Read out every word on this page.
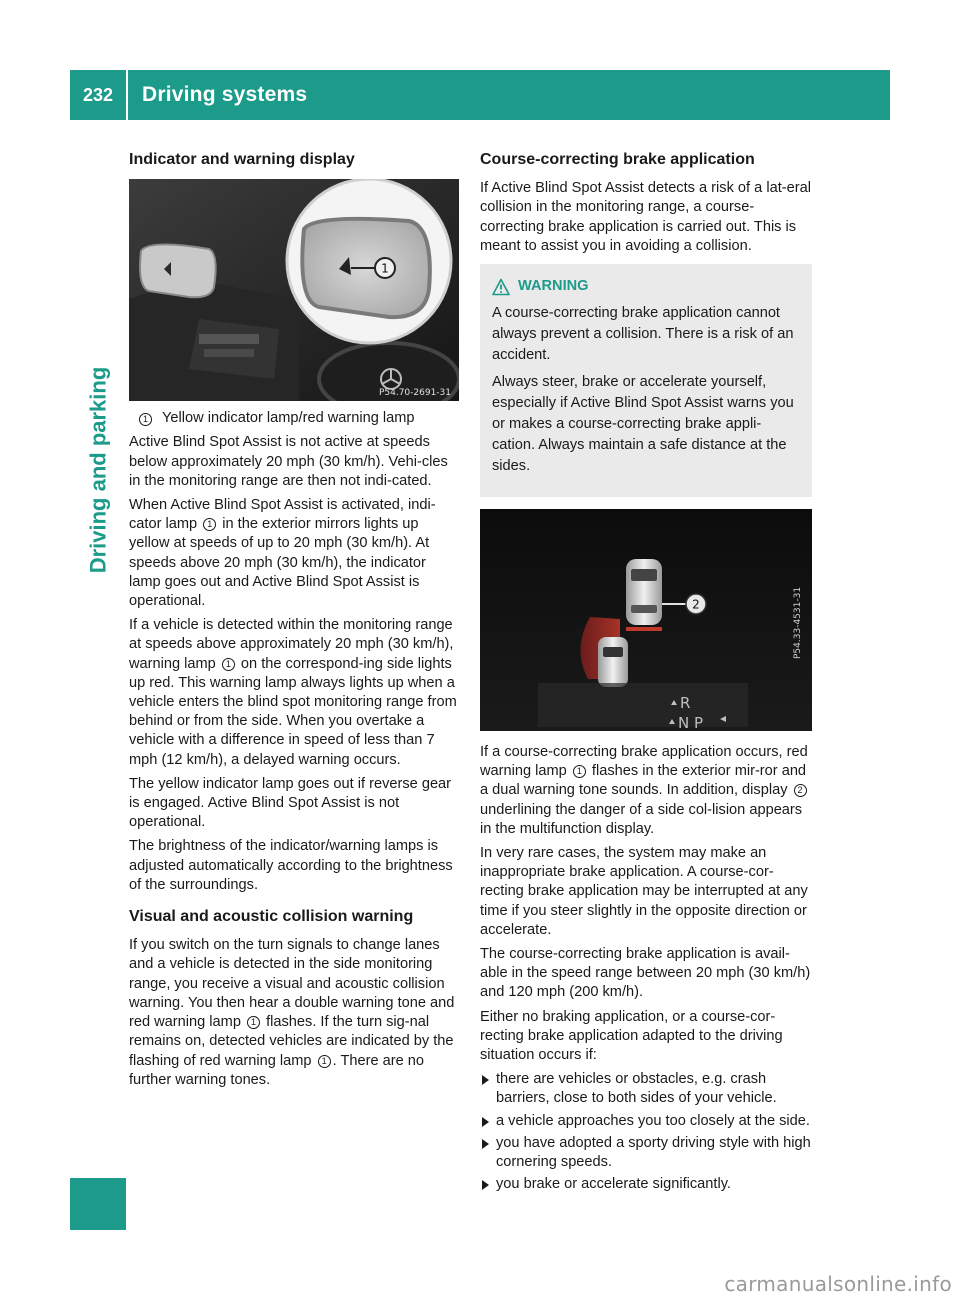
232	Driving systems
Driving and parking
Indicator and warning display
1
P54.70-2691-31
1 Yellow indicator lamp/red warning lamp

Active Blind Spot Assist is not active at speeds below approximately 20 mph (30 km/h). Vehi-cles in the monitoring range are then not indi-cated.

When Active Blind Spot Assist is activated, indi-cator lamp 1 in the exterior mirrors lights up yellow at speeds of up to 20 mph (30 km/h). At speeds above 20 mph (30 km/h), the indicator lamp goes out and Active Blind Spot Assist is operational.

If a vehicle is detected within the monitoring range at speeds above approximately 20 mph (30 km/h), warning lamp 1 on the correspond-ing side lights up red. This warning lamp always lights up when a vehicle enters the blind spot monitoring range from behind or from the side. When you overtake a vehicle with a difference in speed of less than 7 mph (12 km/h), a delayed warning occurs.

The yellow indicator lamp goes out if reverse gear is engaged. Active Blind Spot Assist is not operational.

The brightness of the indicator/warning lamps is adjusted automatically according to the brightness of the surroundings.

Visual and acoustic collision warning

If you switch on the turn signals to change lanes and a vehicle is detected in the side monitoring range, you receive a visual and acoustic collision warning. You then hear a double warning tone and red warning lamp 1 flashes. If the turn sig-nal remains on, detected vehicles are indicated by the flashing of red warning lamp 1 . There are no further warning tones.

Course-correcting brake application

If Active Blind Spot Assist detects a risk of a lat-eral collision in the monitoring range, a course-correcting brake application is carried out. This is meant to assist you in avoiding a collision.

WARNING

A course-correcting brake application cannot always prevent a collision. There is a risk of an accident.

Always steer, brake or accelerate yourself, especially if Active Blind Spot Assist warns you or makes a course-correcting brake appli-cation. Always maintain a safe distance at the sides.

2
R
N P
P54.33-4531-31

If a course-correcting brake application occurs, red warning lamp 1 flashes in the exterior mir-ror and a dual warning tone sounds. In addition, display 2 underlining the danger of a side col-lision appears in the multifunction display.

In very rare cases, the system may make an inappropriate brake application. A course-cor-recting brake application may be interrupted at any time if you steer slightly in the opposite direction or accelerate.

The course-correcting brake application is avail-able in the speed range between 20 mph (30 km/h) and 120 mph (200 km/h).

Either no braking application, or a course-cor-recting brake application adapted to the driving situation occurs if:

there are vehicles or obstacles, e.g. crash barriers, close to both sides of your vehicle.
a vehicle approaches you too closely at the side.
you have adopted a sporty driving style with high cornering speeds.
you brake or accelerate significantly.
carmanualsonline.info
